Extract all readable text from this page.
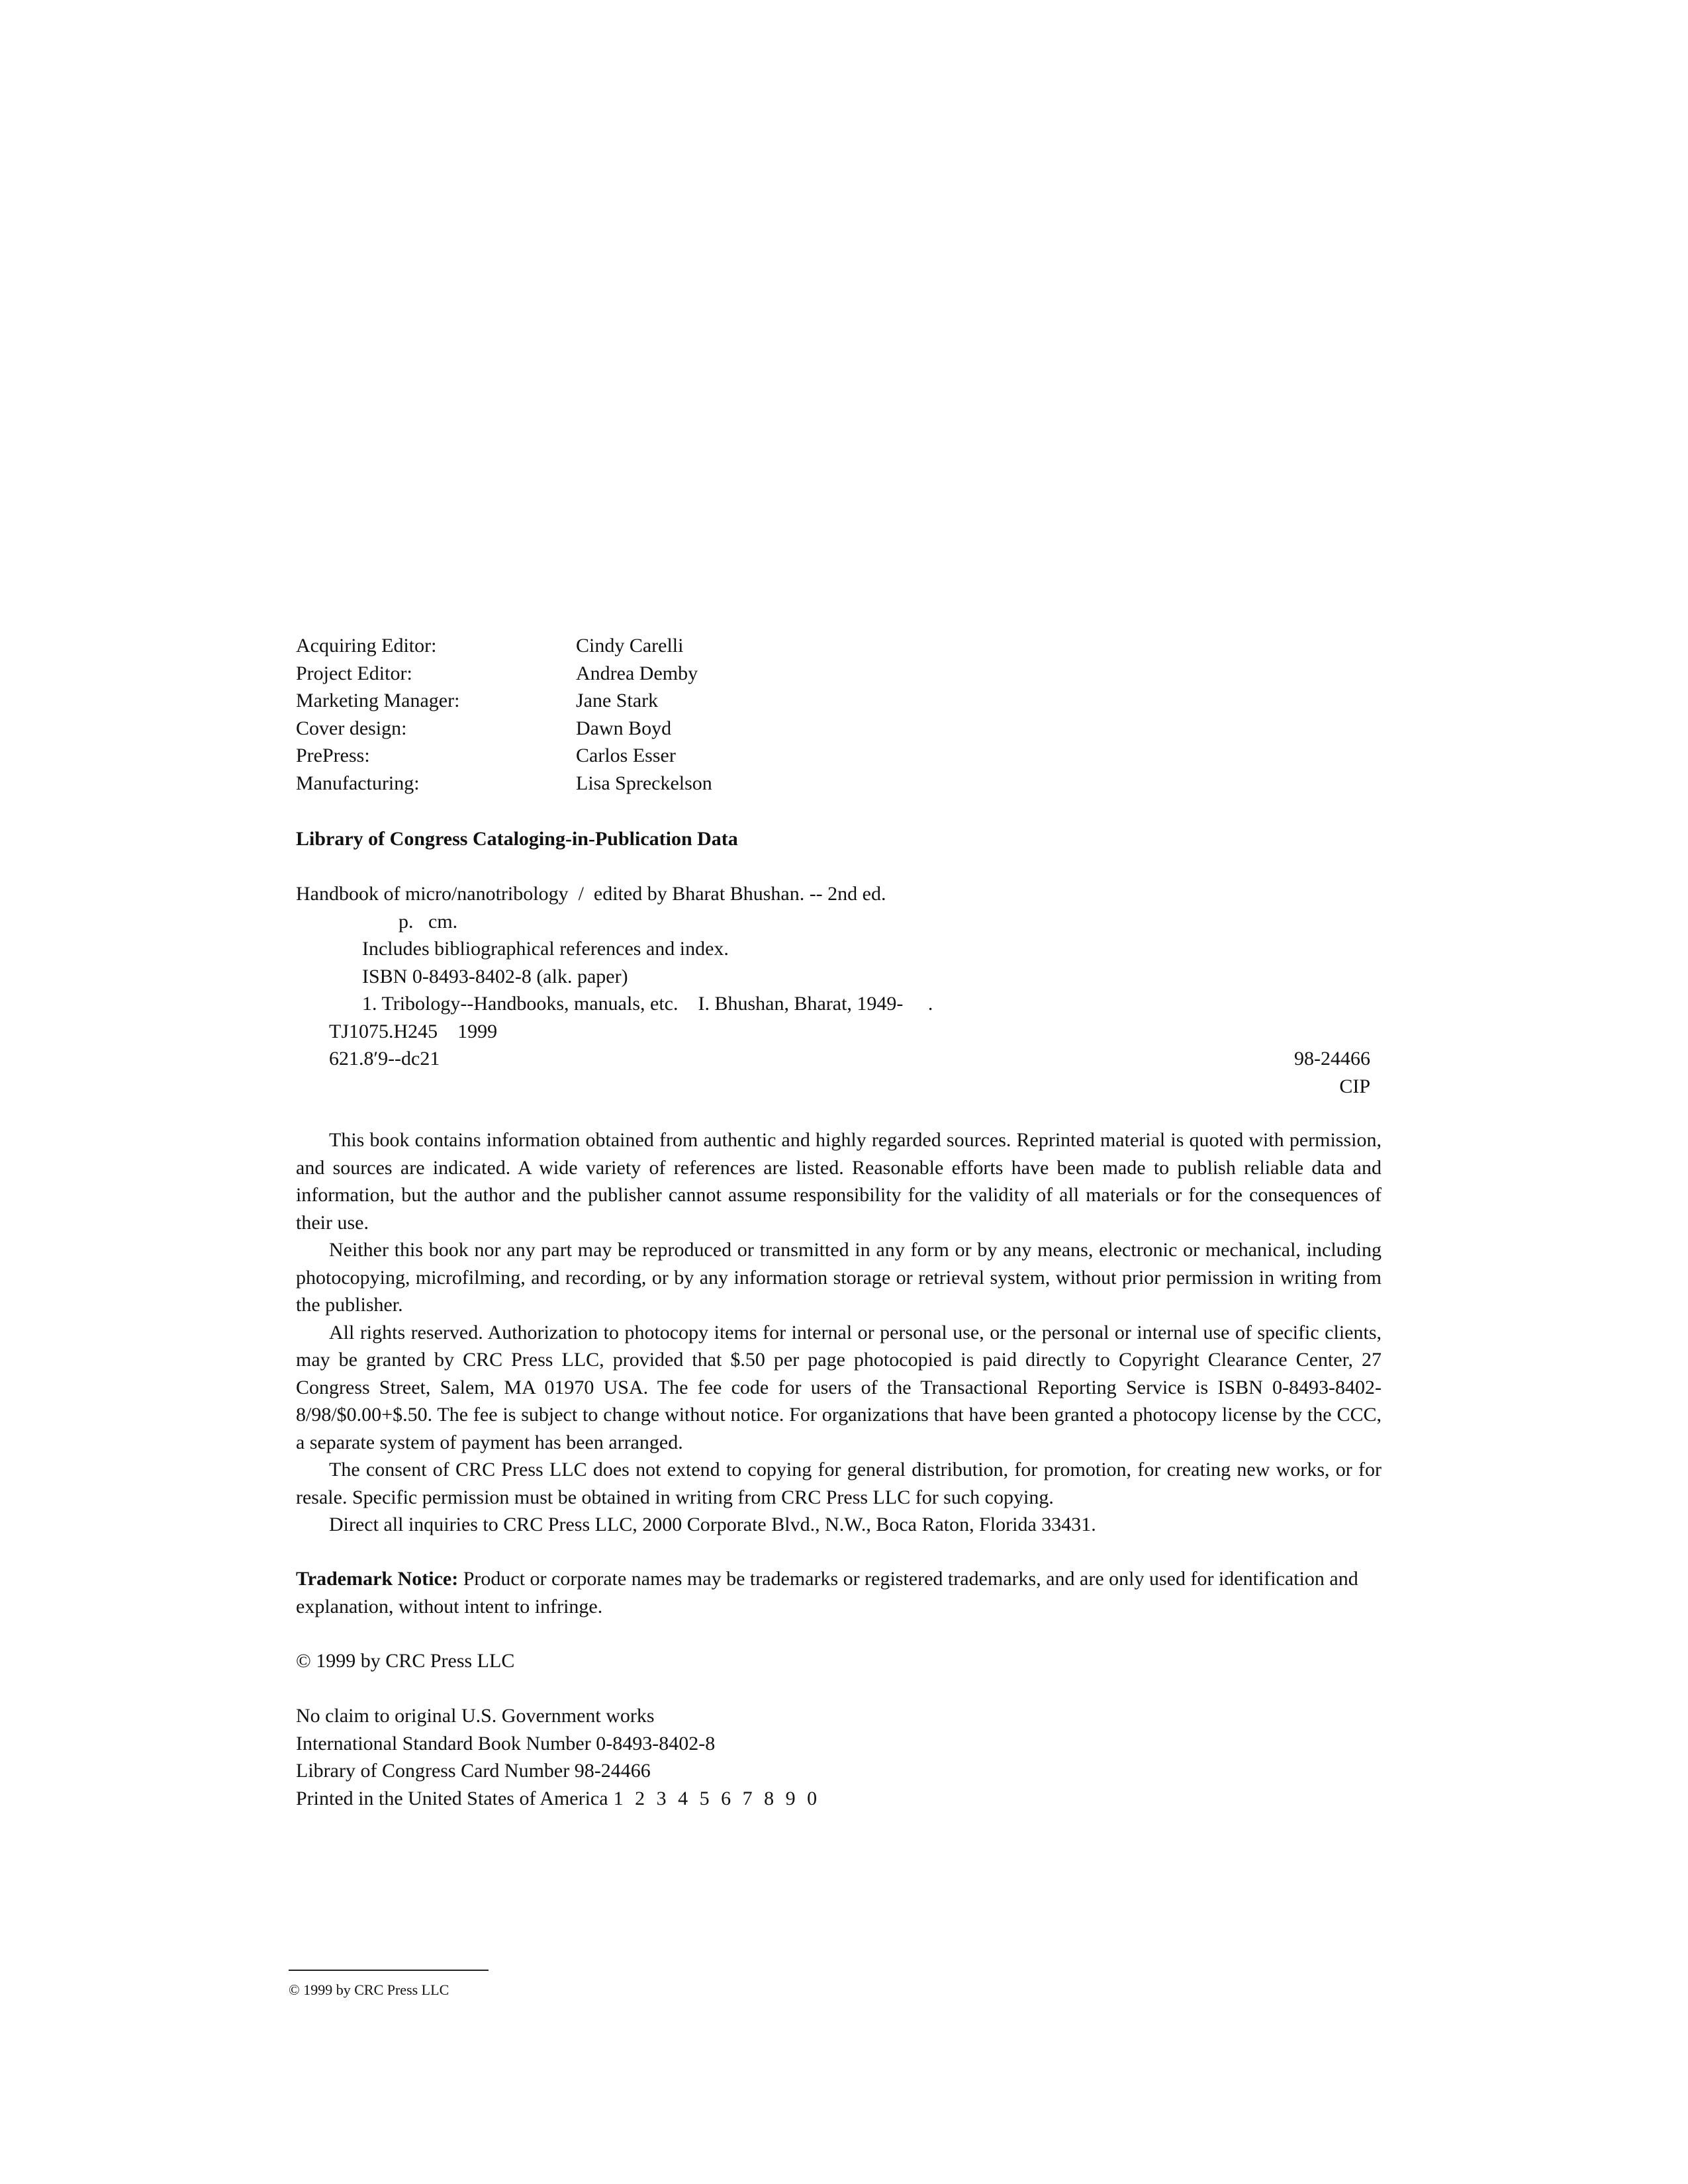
Acquiring Editor:	Cindy Carelli
Project Editor:	Andrea Demby
Marketing Manager:	Jane Stark
Cover design:	Dawn Boyd
PrePress:	Carlos Esser
Manufacturing:	Lisa Spreckelson
Library of Congress Cataloging-in-Publication Data
Handbook of micro/nanotribology  /  edited by Bharat Bhushan. -- 2nd ed.
p.   cm.
Includes bibliographical references and index.
ISBN 0-8493-8402-8 (alk. paper)
1. Tribology--Handbooks, manuals, etc.    I. Bhushan, Bharat, 1949-     .
TJ1075.H245    1999
621.8′9--dc21	98-24466
CIP

This book contains information obtained from authentic and highly regarded sources. Reprinted material is quoted with permission, and sources are indicated. A wide variety of references are listed. Reasonable efforts have been made to publish reliable data and information, but the author and the publisher cannot assume responsibility for the validity of all materials or for the consequences of their use.

Neither this book nor any part may be reproduced or transmitted in any form or by any means, electronic or mechanical, including photocopying, microfilming, and recording, or by any information storage or retrieval system, without prior permission in writing from the publisher.

All rights reserved. Authorization to photocopy items for internal or personal use, or the personal or internal use of specific clients, may be granted by CRC Press LLC, provided that $.50 per page photocopied is paid directly to Copyright Clearance Center, 27 Congress Street, Salem, MA 01970 USA. The fee code for users of the Transactional Reporting Service is ISBN 0-8493-8402-8/98/$0.00+$.50. The fee is subject to change without notice. For organizations that have been granted a photocopy license by the CCC, a separate system of payment has been arranged.

The consent of CRC Press LLC does not extend to copying for general distribution, for promotion, for creating new works, or for resale. Specific permission must be obtained in writing from CRC Press LLC for such copying.

Direct all inquiries to CRC Press LLC, 2000 Corporate Blvd., N.W., Boca Raton, Florida 33431.

Trademark Notice: Product or corporate names may be trademarks or registered trademarks, and are only used for identification and explanation, without intent to infringe.
© 1999 by CRC Press LLC
No claim to original U.S. Government works
International Standard Book Number 0-8493-8402-8
Library of Congress Card Number 98-24466
Printed in the United States of America 1 2 3 4 5 6 7 8 9 0
© 1999 by CRC Press LLC
